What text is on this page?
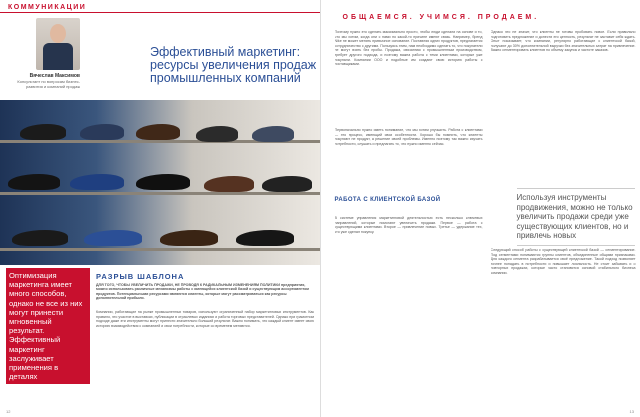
КОММУНИКАЦИИ
Вячеслав Максимов
Консультант по вопросам бизнес-развития и компаний продаж
Эффективный маркетинг: ресурсы увеличения продаж промышленных компаний
Оптимизация маркетинга имеет много способов, однако не все из них могут принести мгновенный результат. Эффективный маркетинг заслуживает применения в деталях
РАЗРЫВ ШАБЛОНА
ДЛЯ ТОГО, ЧТОБЫ УВЕЛИЧИТЬ ПРОДАЖИ, НЕ ПРОВОДЯ К РАДИКАЛЬНЫМ ИЗМЕНЕНИЯМ ПОЛИТИКИ предприятия, можно использовать различные механизмы работы с имеющейся клиентской базой и существующим ассортиментом продуктов. Потенциальными ресурсами являются клиенты, которые могут рассматриваться как ресурсы дополнительной прибыли.
Компании, работающие на рынке промышленных товаров, используют ограниченный набор маркетинговых инструментов. Как правило, это участие в выставках, публикации в отраслевых изданиях и работа торговых представителей. Однако при грамотном подходе даже эти инструменты могут принести значительно больший результат. Важно понимать, что каждый клиент имеет свою историю взаимодействия с компанией и свои потребности, которые со временем меняются.
12
ОБЩАЕМСЯ. УЧИМСЯ. ПРОДАЕМ.
Поэтому нужно это сделать максимально просто, чтобы люди сделали на основе и то, что мы хотим, когда они с нами по какой-то причине имеют связь. Например, бренд Nike не может менять привычное основание. Поставляя одних продуктов, предлагается сотрудничество с другими. Пользуясь этим, нам необходимо сделать то, что покупатели не могут взять без пробы. Продажа, связанная с промышленным производством, требует другого подхода, и поэтому важна работа с теми клиентами, которые уже покупали. Компании ООО и подобные им создают свою историю работы с поставщиками.
Первоначально нужно иметь понимание, что мы хотим улучшить. Работа с клиентами — это процесс, имеющий свои особенности. Хорошо бы помнить, что клиенты покупают не продукт, а решение своей проблемы. Именно поэтому так важно изучать потребности, слушать и предлагать то, что нужно именно сейчас.
РАБОТА С КЛИЕНТСКОЙ БАЗОЙ
В системе управления маркетинговой деятельностью есть несколько ключевых направлений, которые помогают увеличить продажи. Первое — работа с существующими клиентами. Второе — привлечение новых. Третье — удержание тех, кто уже сделал покупку.
Однако это не значит, что клиенты не готовы пробовать новое. Если правильно подготовить предложение и донести его ценность, результат не заставит себя ждать. Опыт показывает, что компании, регулярно работающие с клиентской базой, получают до 30% дополнительной выручки без значительных затрат на привлечение. Важно сегментировать клиентов по объему закупок и частоте заказов.
Используя инструменты продвижения, можно не только увеличить продажи среди уже существующих клиентов, но и привлечь новых
Следующий способ работы с существующей клиентской базой — сегментирование. Под сегментами понимаются группы клиентов, объединенные общими признаками. Для каждого сегмента разрабатывается своё предложение. Такой подход позволяет точнее попадать в потребности и повышает лояльность. Не стоит забывать и о повторных продажах, которые часто становятся основой стабильного бизнеса компании.
13
